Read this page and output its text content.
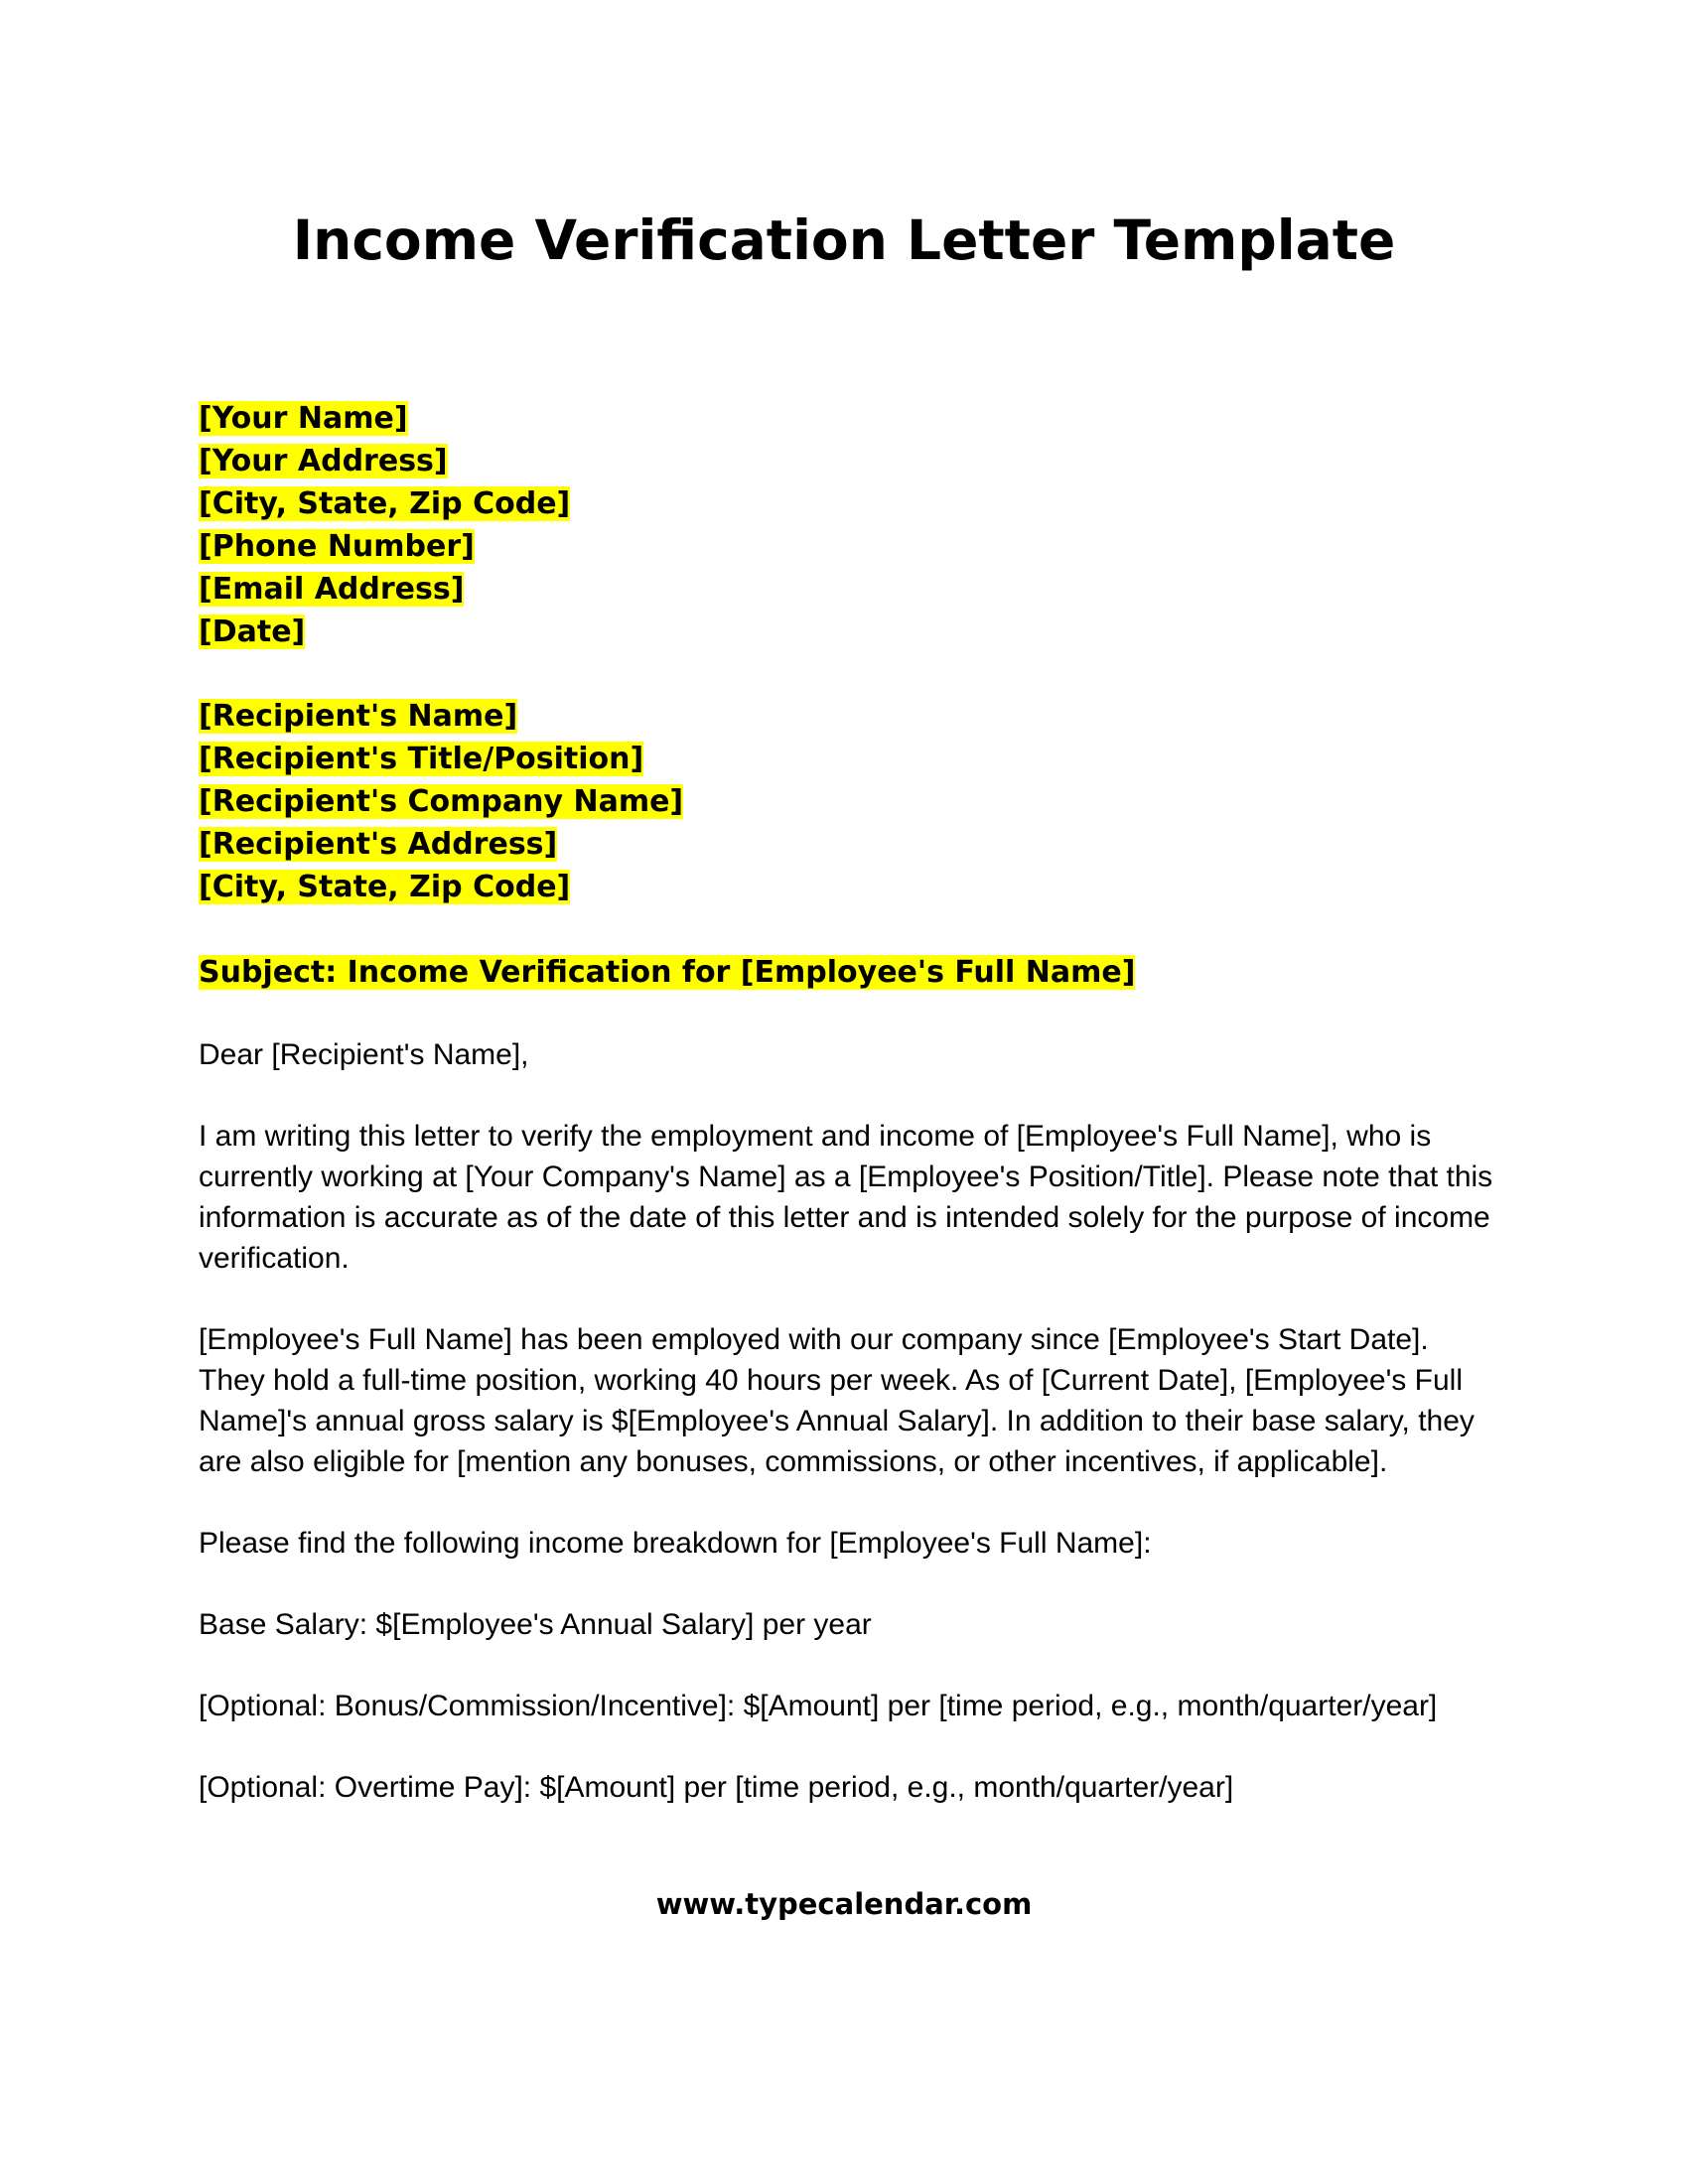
Income Verification Letter Template
[Your Name]
[Your Address]
[City, State, Zip Code]
[Phone Number]
[Email Address]
[Date]
[Recipient's Name]
[Recipient's Title/Position]
[Recipient's Company Name]
[Recipient's Address]
[City, State, Zip Code]
Subject: Income Verification for [Employee's Full Name]

Dear [Recipient's Name],

I am writing this letter to verify the employment and income of [Employee's Full Name], who is currently working at [Your Company's Name] as a [Employee's Position/Title]. Please note that this information is accurate as of the date of this letter and is intended solely for the purpose of income verification.

[Employee's Full Name] has been employed with our company since [Employee's Start Date]. They hold a full-time position, working 40 hours per week. As of [Current Date], [Employee's Full Name]'s annual gross salary is $[Employee's Annual Salary]. In addition to their base salary, they are also eligible for [mention any bonuses, commissions, or other incentives, if applicable].

Please find the following income breakdown for [Employee's Full Name]:

Base Salary: $[Employee's Annual Salary] per year

[Optional: Bonus/Commission/Incentive]: $[Amount] per [time period, e.g., month/quarter/year]

[Optional: Overtime Pay]: $[Amount] per [time period, e.g., month/quarter/year]

www.typecalendar.com
